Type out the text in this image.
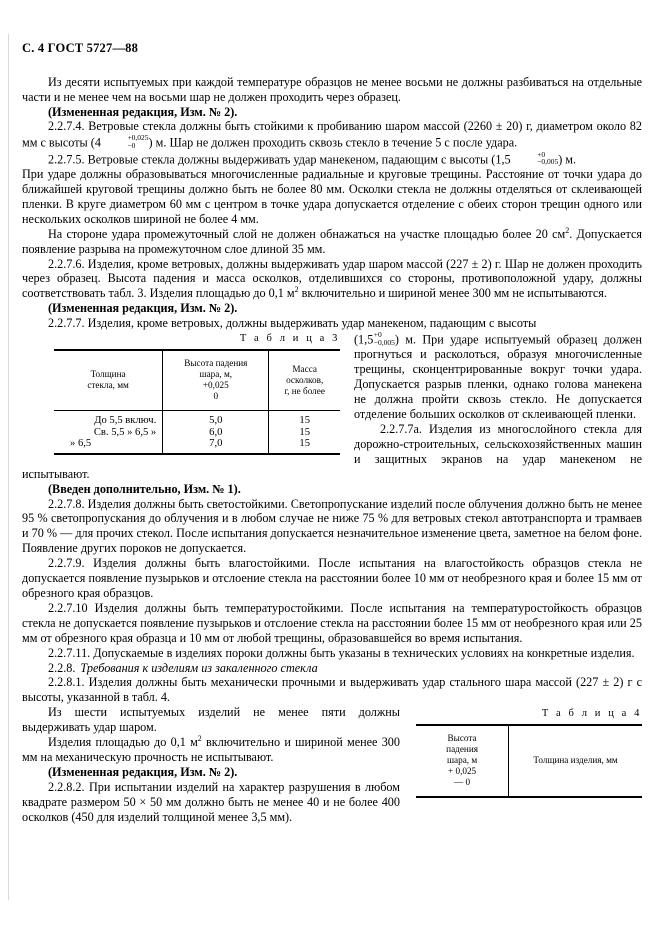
С. 4 ГОСТ 5727—88

Из десяти испытуемых при каждой температуре образцов не менее восьми не должны разбиваться на отдельные части и не менее чем на восьми шар не должен проходить через образец.

(Измененная редакция, Изм. № 2).

2.2.7.4. Ветровые стекла должны быть стойкими к пробиванию шаром массой (2260 ± 20) г, диаметром около 82 мм с высоты (4	+0,025
−0	) м. Шар не должен проходить сквозь стекло в течение 5 с после удара.

2.2.7.5. Ветровые стекла должны выдерживать удар манекеном, падающим с высоты (1,5	+0
−0,005 ) м.

При ударе должны образовываться многочисленные радиальные и круговые трещины. Расстояние от точки удара до ближайшей круговой трещины должно быть не более 80 мм. Осколки стекла не должны отделяться от склеивающей пленки. В круге диаметром 60 мм с центром в точке удара допускается отделение с обеих сторон трещин одного или нескольких осколков шириной не более 4 мм.

На стороне удара промежуточный слой не должен обнажаться на участке площадью более 20 $см^2$. Допускается появление разрыва на промежуточном слое длиной 35 мм.

2.2.7.6. Изделия, кроме ветровых, должны выдерживать удар шаром массой (227 ± 2) г. Шар не должен проходить через образец. Высота падения и масса осколков, отделившихся со стороны, противоположной удару, должны соответствовать табл. 3. Изделия площадью до 0,1 $м^2$ включительно и шириной менее 300 мм не испытываются.

(Измененная редакция, Изм. № 2).

2.2.7.7. Изделия, кроме ветровых, должны выдерживать удар манекеном, падающим с высоты

Т а б л и ц а 3
Толщина
стекла, мм

Высота падения
шара, м,
+0,025
0

Масса
осколков,
г, не более

До 5,5 включ.	5,0	15
Св. 5,5 » 6,5 »	6,0	15
» 6,5	7,0	15

(1,5 +0
−0,005 ) м. При ударе испытуемый образец должен прогнуться и расколоться, образуя многочисленные трещины, сконцентрированные вокруг точки удара. Допускается разрыв пленки, однако голова манекена не должна пройти сквозь стекло. Не допускается отделение больших осколков от склеивающей пленки.

2.2.7.7а. Изделия из многослойного стекла для дорожно-строительных, сельскохозяйственных машин и защитных экранов на удар манекеном не испытывают.

(Введен дополнительно, Изм. № 1).

2.2.7.8. Изделия должны быть светостойкими. Светопропускание изделий после облучения должно быть не менее 95 % светопропускания до облучения и в любом случае не ниже 75 % для ветровых стекол автотранспорта и трамваев и 70 % — для прочих стекол. После испытания допускается незначительное изменение цвета, заметное на белом фоне. Появление других пороков не допускается.

2.2.7.9. Изделия должны быть влагостойкими. После испытания на влагостойкость образцов стекла не допускается появление пузырьков и отслоение стекла на расстоянии более 10 мм от необрезного края и более 15 мм от обрезного края образцов.

2.2.7.10 Изделия должны быть температуростойкими. После испытания на температуростойкость образцов стекла не допускается появление пузырьков и отслоение стекла на расстоянии более 15 мм от необрезного края или 25 мм от обрезного края образца и 10 мм от любой трещины, образовавшейся во время испытания.

2.2.7.11. Допускаемые в изделиях пороки должны быть указаны в технических условиях на конкретные изделия.

2.2.8. Требования к изделиям из закаленного стекла

2.2.8.1. Изделия должны быть механически прочными и выдерживать удар стального шара массой (227 ± 2) г с высоты, указанной в табл. 4.

Т а б л и ц а 4
Высота
падения
шара, м
+ 0,025
— 0	Толщина изделия, мм

Из шести испытуемых изделий не менее пяти должны выдерживать удар шаром.

Изделия площадью до 0,1 $м^2$ включительно и шириной менее 300 мм на механическую прочность не испытывают.

(Измененная редакция, Изм. № 2).

2.2.8.2. При испытании изделий на характер разрушения в любом квадрате размером 50 × 50 мм должно быть не менее 40 и не более 400 осколков (450 для изделий толщиной менее 3,5 мм).
